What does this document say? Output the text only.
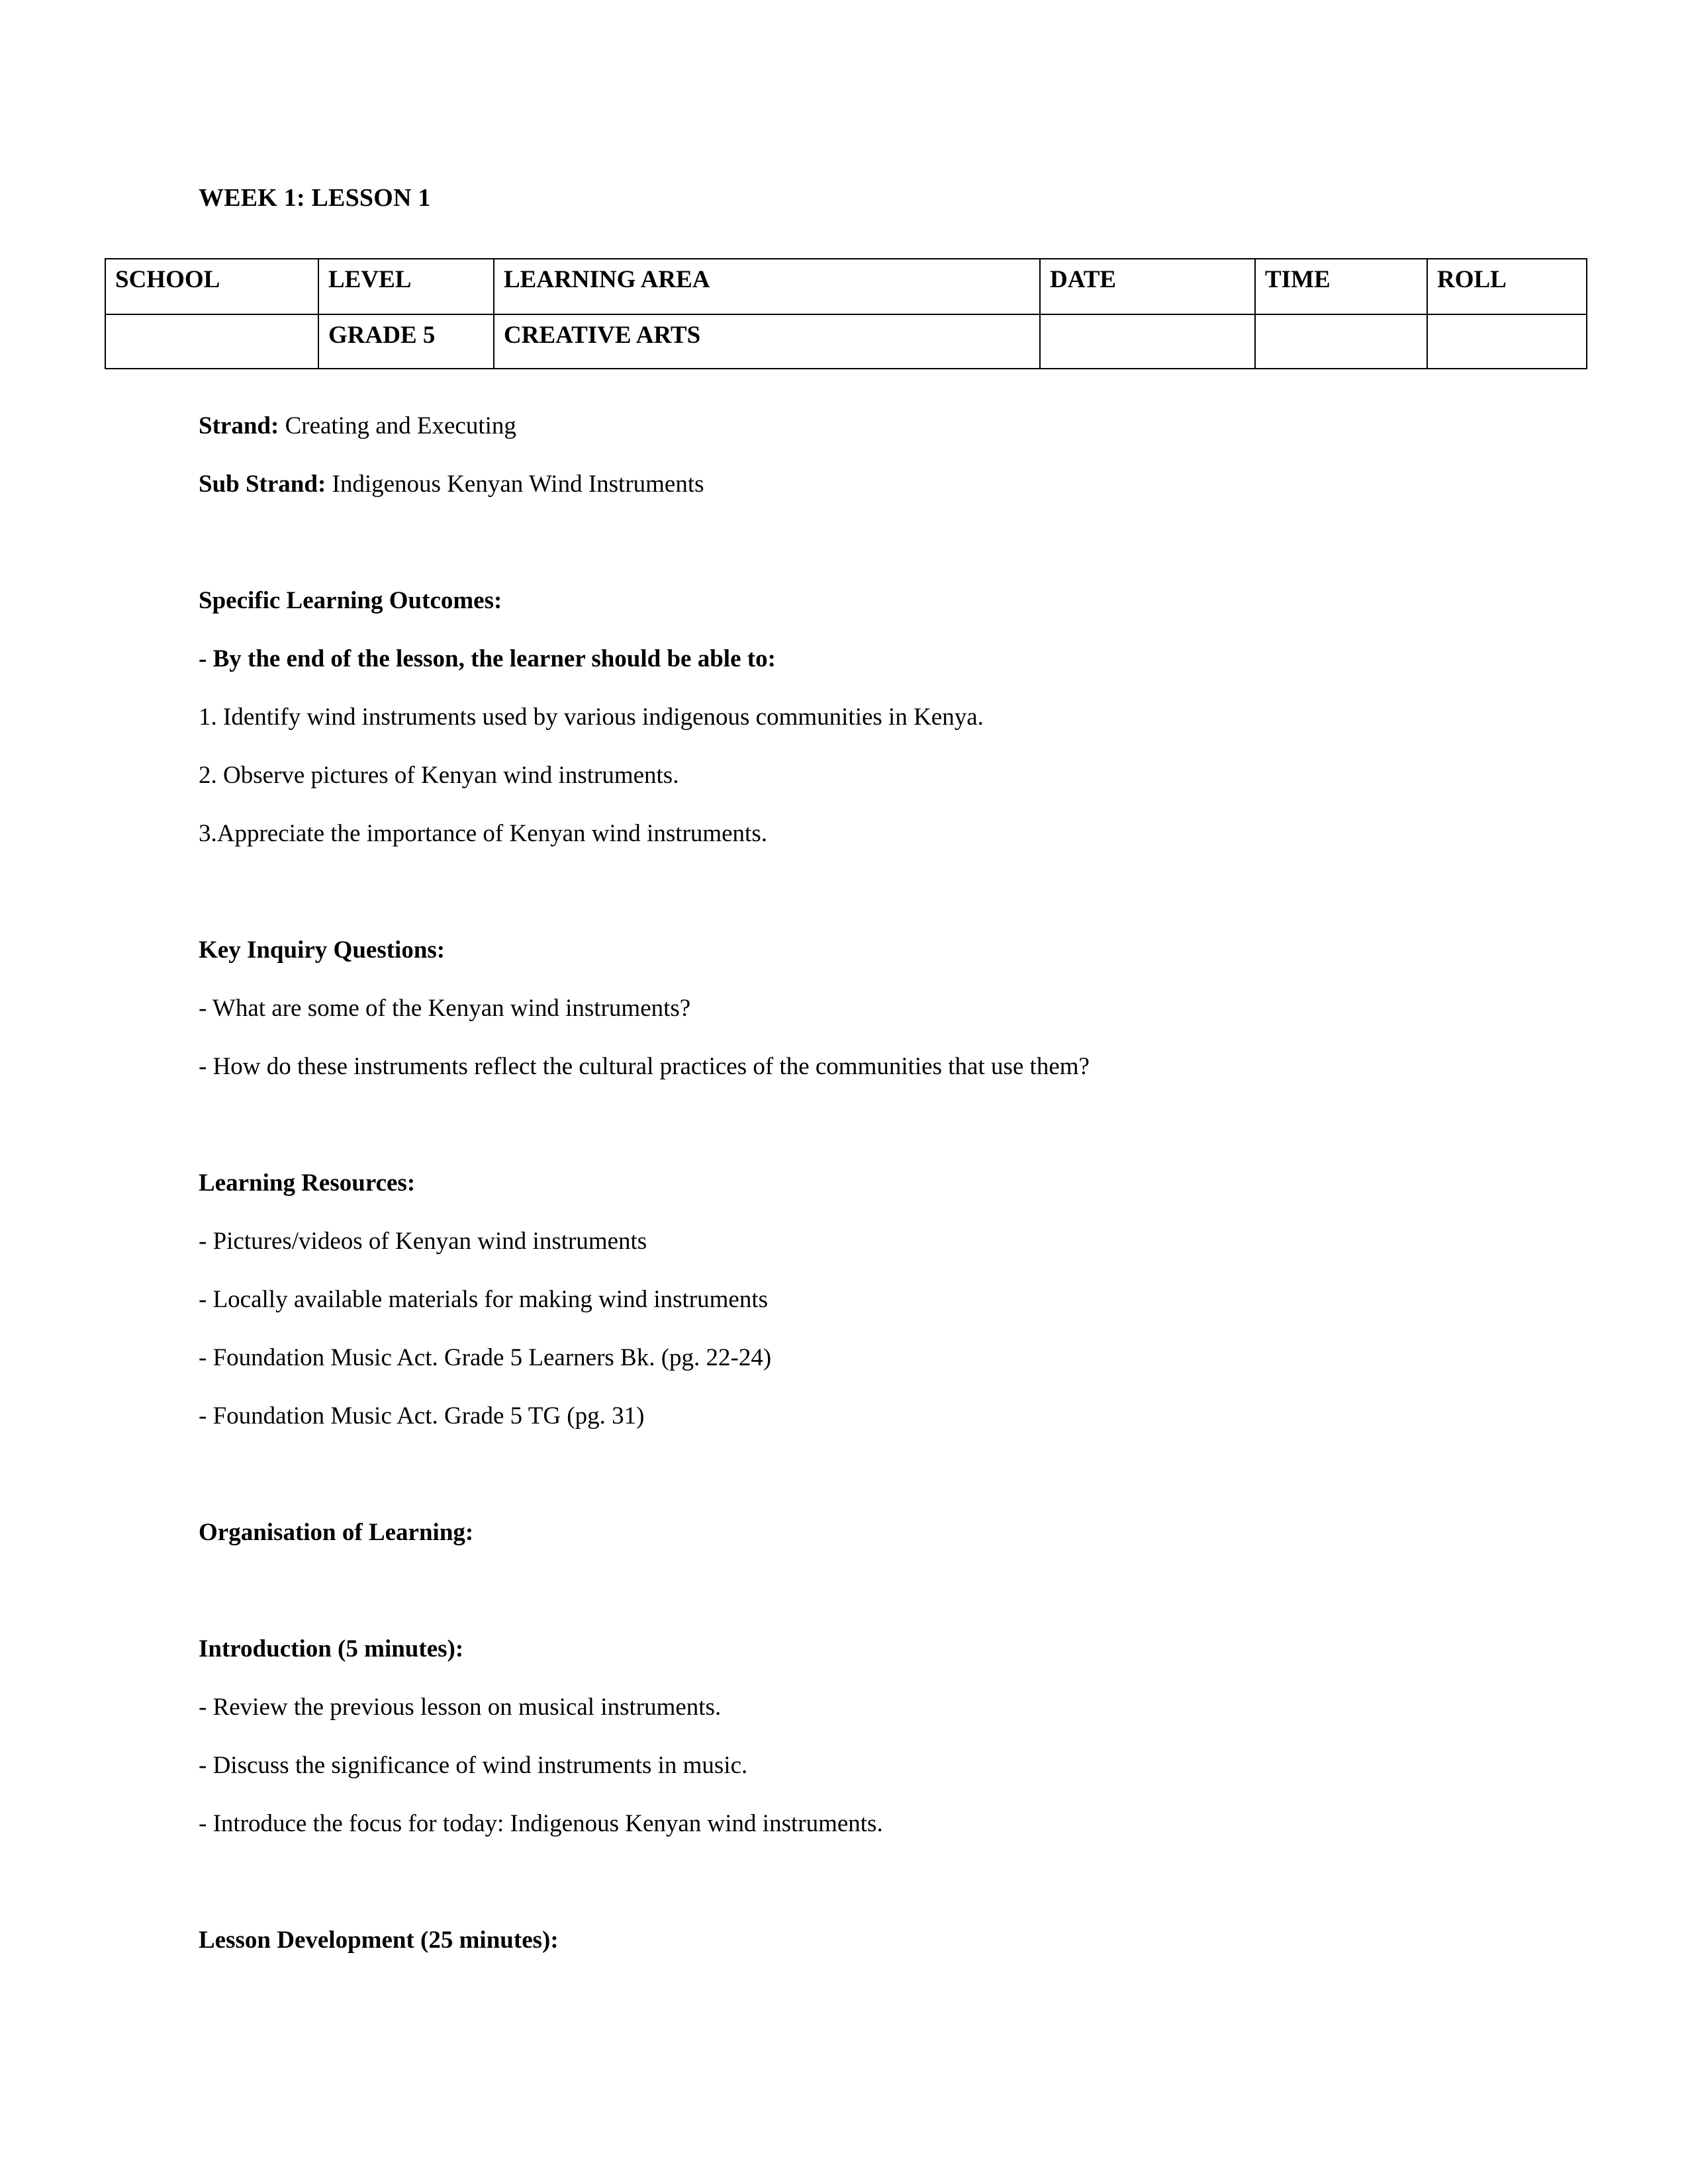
WEEK 1: LESSON 1
SCHOOL	LEVEL	LEARNING AREA	DATE	TIME	ROLL
	GRADE 5	CREATIVE ARTS			

Strand: Creating and Executing

Sub Strand: Indigenous Kenyan Wind Instruments

Specific Learning Outcomes:

- By the end of the lesson, the learner should be able to:

1. Identify wind instruments used by various indigenous communities in Kenya.

2. Observe pictures of Kenyan wind instruments.

3.Appreciate the importance of Kenyan wind instruments.

Key Inquiry Questions:

- What are some of the Kenyan wind instruments?

- How do these instruments reflect the cultural practices of the communities that use them?

Learning Resources:

- Pictures/videos of Kenyan wind instruments

- Locally available materials for making wind instruments

- Foundation Music Act. Grade 5 Learners Bk. (pg. 22-24)

- Foundation Music Act. Grade 5 TG (pg. 31)

Organisation of Learning:

Introduction (5 minutes):

- Review the previous lesson on musical instruments.

- Discuss the significance of wind instruments in music.

- Introduce the focus for today: Indigenous Kenyan wind instruments.

Lesson Development (25 minutes):
